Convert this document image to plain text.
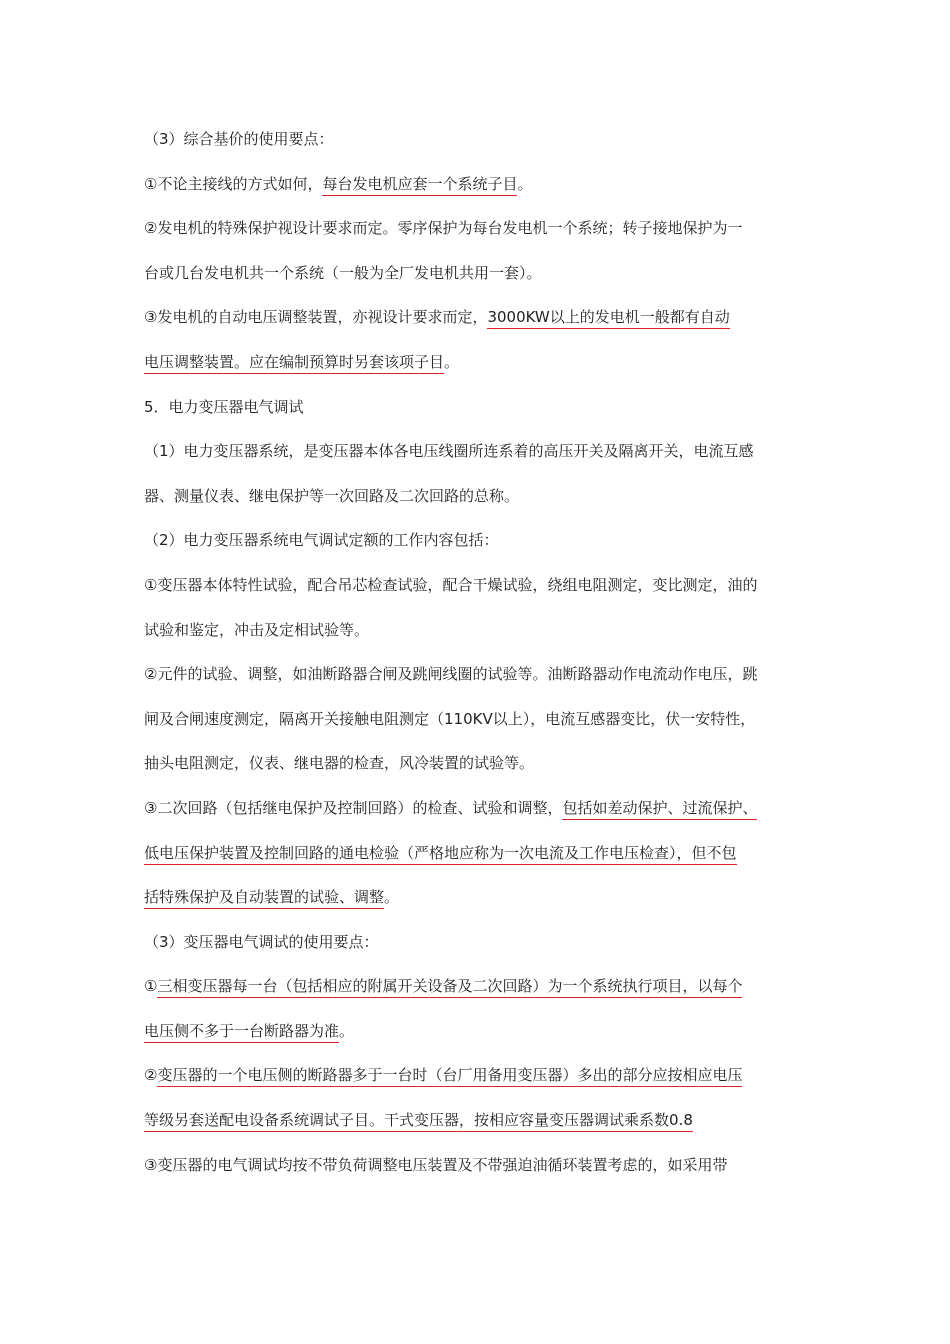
（3）综合基价的使用要点：
①不论主接线的方式如何，每台发电机应套一个系统子目。
②发电机的特殊保护视设计要求而定。零序保护为每台发电机一个系统；转子接地保护为一
台或几台发电机共一个系统（一般为全厂发电机共用一套）。
③发电机的自动电压调整装置，亦视设计要求而定，3000KW以上的发电机一般都有自动
电压调整装置。应在编制预算时另套该项子目。
5．电力变压器电气调试
（1）电力变压器系统，是变压器本体各电压线圈所连系着的高压开关及隔离开关，电流互感
器、测量仪表、继电保护等一次回路及二次回路的总称。
（2）电力变压器系统电气调试定额的工作内容包括：
①变压器本体特性试验，配合吊芯检查试验，配合干燥试验，绕组电阻测定，变比测定，油的
试验和鉴定，冲击及定相试验等。
②元件的试验、调整，如油断路器合闸及跳闸线圈的试验等。油断路器动作电流动作电压，跳
闸及合闸速度测定，隔离开关接触电阻测定（110KV以上），电流互感器变比，伏一安特性，
抽头电阻测定，仪表、继电器的检查，风冷装置的试验等。
③二次回路（包括继电保护及控制回路）的检查、试验和调整，包括如差动保护、过流保护、
低电压保护装置及控制回路的通电检验（严格地应称为一次电流及工作电压检查），但不包
括特殊保护及自动装置的试验、调整。
（3）变压器电气调试的使用要点：
①三相变压器每一台（包括相应的附属开关设备及二次回路）为一个系统执行项目，以每个
电压侧不多于一台断路器为准。
②变压器的一个电压侧的断路器多于一台时（台厂用备用变压器）多出的部分应按相应电压
等级另套送配电设备系统调试子目。干式变压器，按相应容量变压器调试乘系数0.8
③变压器的电气调试均按不带负荷调整电压装置及不带强迫油循环装置考虑的，如采用带
